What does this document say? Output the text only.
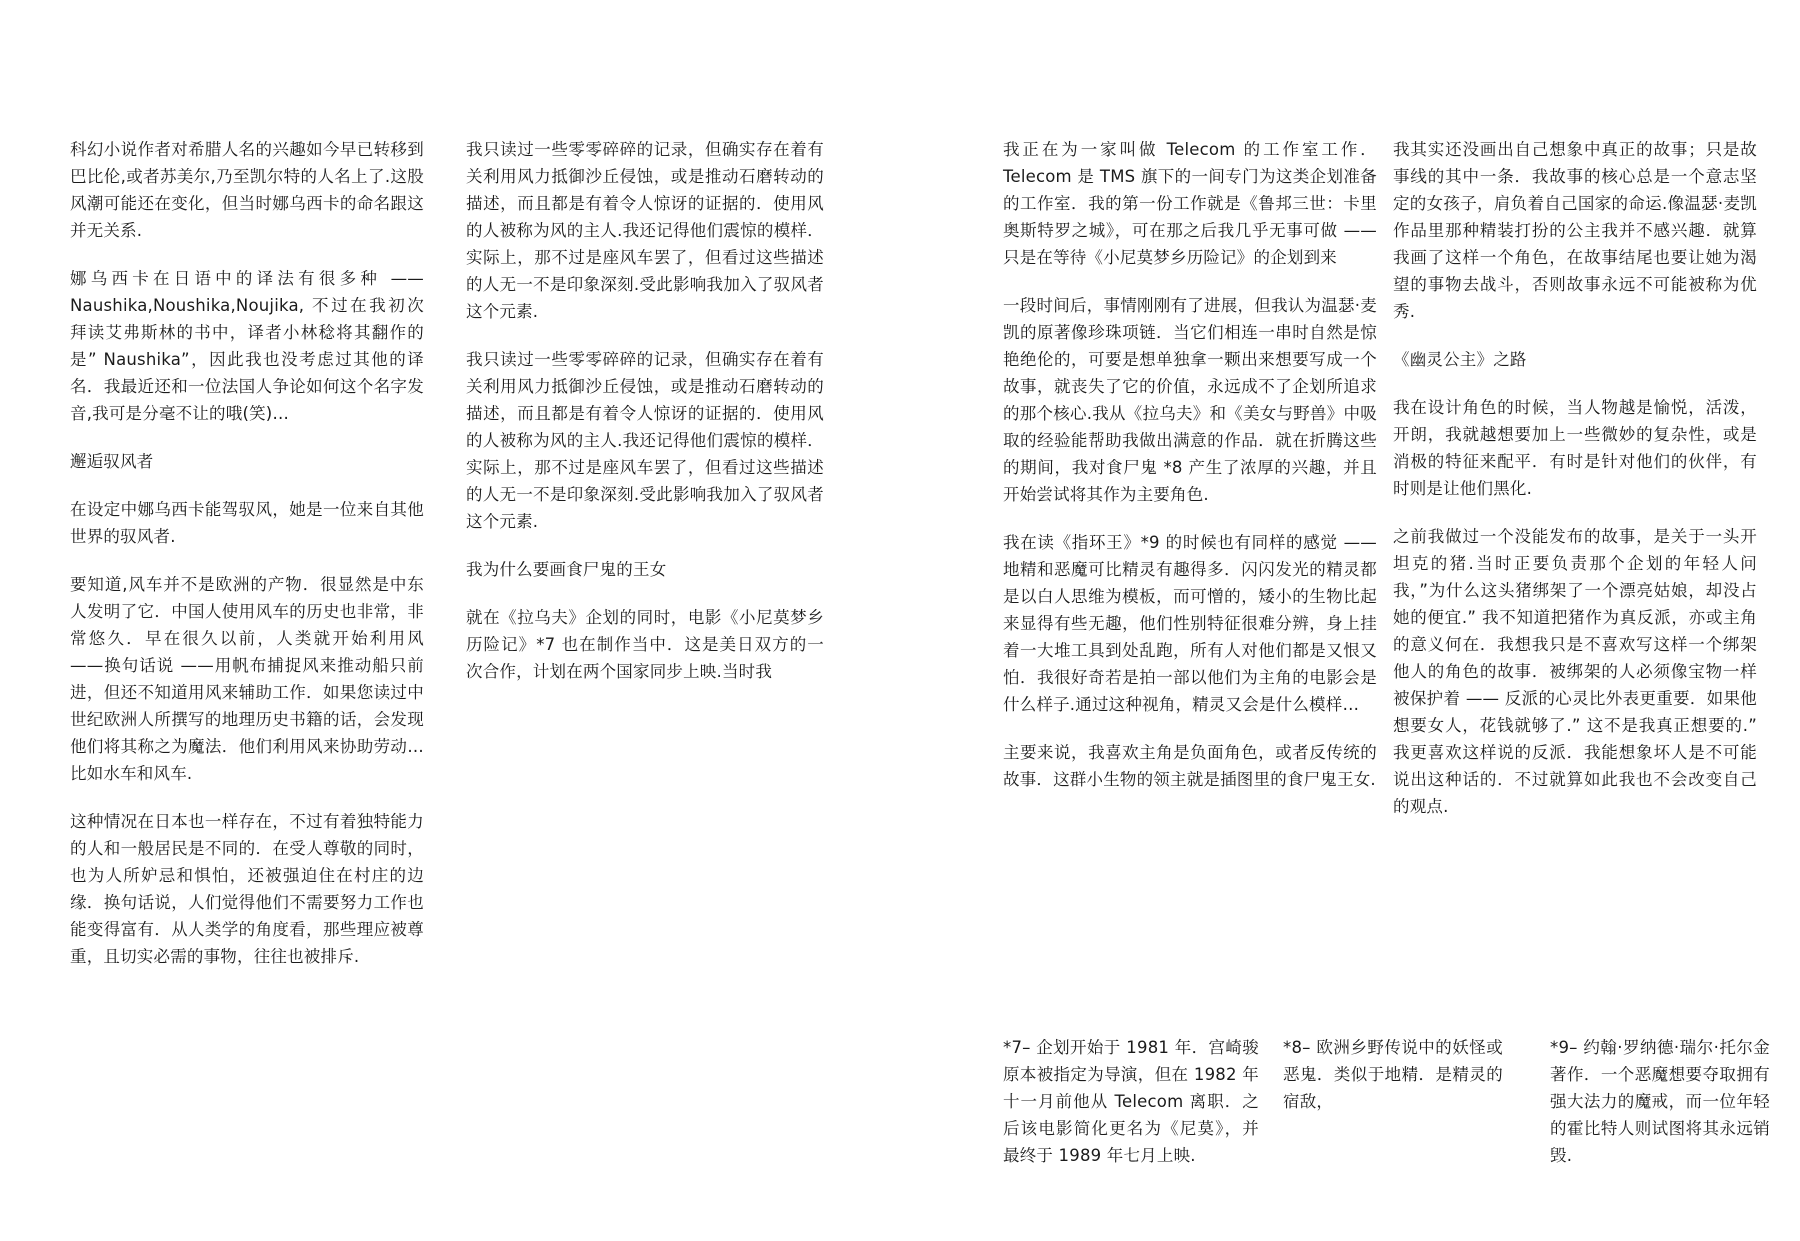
科幻小说作者对希腊人名的兴趣如今早已转移到巴比伦,或者苏美尔,乃至凯尔特的人名上了.这股风潮可能还在变化，但当时娜乌西卡的命名跟这并无关系.

娜乌西卡在日语中的译法有很多种 ——Naushika,Noushika,Noujika, 不过在我初次拜读艾弗斯林的书中，译者小林稔将其翻作的是” Naushika”，因此我也没考虑过其他的译名．我最近还和一位法国人争论如何这个名字发音,我可是分毫不让的哦(笑)…

邂逅驭风者

在设定中娜乌西卡能驾驭风，她是一位来自其他世界的驭风者.

要知道,风车并不是欧洲的产物．很显然是中东人发明了它．中国人使用风车的历史也非常，非常悠久．早在很久以前，人类就开始利用风 ——换句话说 ——用帆布捕捉风来推动船只前进，但还不知道用风来辅助工作．如果您读过中世纪欧洲人所撰写的地理历史书籍的话，会发现他们将其称之为魔法．他们利用风来协助劳动…比如水车和风车.

这种情况在日本也一样存在，不过有着独特能力的人和一般居民是不同的．在受人尊敬的同时，也为人所妒忌和惧怕，还被强迫住在村庄的边缘．换句话说，人们觉得他们不需要努力工作也能变得富有．从人类学的角度看，那些理应被尊重，且切实必需的事物，往往也被排斥.

我只读过一些零零碎碎的记录，但确实存在着有关利用风力抵御沙丘侵蚀，或是推动石磨转动的描述，而且都是有着令人惊讶的证据的．使用风的人被称为风的主人.我还记得他们震惊的模样．实际上，那不过是座风车罢了，但看过这些描述的人无一不是印象深刻.受此影响我加入了驭风者这个元素.

我只读过一些零零碎碎的记录，但确实存在着有关利用风力抵御沙丘侵蚀，或是推动石磨转动的描述，而且都是有着令人惊讶的证据的．使用风的人被称为风的主人.我还记得他们震惊的模样．实际上，那不过是座风车罢了，但看过这些描述的人无一不是印象深刻.受此影响我加入了驭风者这个元素.

我为什么要画食尸鬼的王女

就在《拉乌夫》企划的同时，电影《小尼莫梦乡历险记》*7 也在制作当中．这是美日双方的一次合作，计划在两个国家同步上映.当时我

我正在为一家叫做 Telecom 的工作室工作．Telecom 是 TMS 旗下的一间专门为这类企划准备的工作室．我的第一份工作就是《鲁邦三世：卡里奥斯特罗之城》，可在那之后我几乎无事可做 —— 只是在等待《小尼莫梦乡历险记》的企划到来

一段时间后，事情刚刚有了进展，但我认为温瑟·麦凯的原著像珍珠项链．当它们相连一串时自然是惊艳绝伦的，可要是想单独拿一颗出来想要写成一个故事，就丧失了它的价值，永远成不了企划所追求的那个核心.我从《拉乌夫》和《美女与野兽》中吸取的经验能帮助我做出满意的作品．就在折腾这些的期间，我对食尸鬼 *8 产生了浓厚的兴趣，并且开始尝试将其作为主要角色.

我在读《指环王》*9 的时候也有同样的感觉 —— 地精和恶魔可比精灵有趣得多．闪闪发光的精灵都是以白人思维为模板，而可憎的，矮小的生物比起来显得有些无趣，他们性别特征很难分辨，身上挂着一大堆工具到处乱跑，所有人对他们都是又恨又怕．我很好奇若是拍一部以他们为主角的电影会是什么样子.通过这种视角，精灵又会是什么模样…

主要来说，我喜欢主角是负面角色，或者反传统的故事．这群小生物的领主就是插图里的食尸鬼王女.

我其实还没画出自己想象中真正的故事；只是故事线的其中一条．我故事的核心总是一个意志坚定的女孩子，肩负着自己国家的命运.像温瑟·麦凯作品里那种精装打扮的公主我并不感兴趣．就算我画了这样一个角色，在故事结尾也要让她为渴望的事物去战斗，否则故事永远不可能被称为优秀.

《幽灵公主》之路

我在设计角色的时候，当人物越是愉悦，活泼，开朗，我就越想要加上一些微妙的复杂性，或是消极的特征来配平．有时是针对他们的伙伴，有时则是让他们黑化.

之前我做过一个没能发布的故事，是关于一头开坦克的猪.当时正要负责那个企划的年轻人问我，”为什么这头猪绑架了一个漂亮姑娘，却没占她的便宜.” 我不知道把猪作为真反派，亦或主角的意义何在．我想我只是不喜欢写这样一个绑架他人的角色的故事．被绑架的人必须像宝物一样被保护着 —— 反派的心灵比外表更重要．如果他想要女人，花钱就够了.” 这不是我真正想要的.” 我更喜欢这样说的反派．我能想象坏人是不可能说出这种话的．不过就算如此我也不会改变自己的观点.

*7– 企划开始于 1981 年．宫崎骏原本被指定为导演，但在 1982 年十一月前他从 Telecom 离职．之后该电影简化更名为《尼莫》，并最终于 1989 年七月上映.
*8– 欧洲乡野传说中的妖怪或恶鬼．类似于地精．是精灵的宿敌，
*9– 约翰·罗纳德·瑞尔·托尔金著作．一个恶魔想要夺取拥有强大法力的魔戒，而一位年轻的霍比特人则试图将其永远销毁.
